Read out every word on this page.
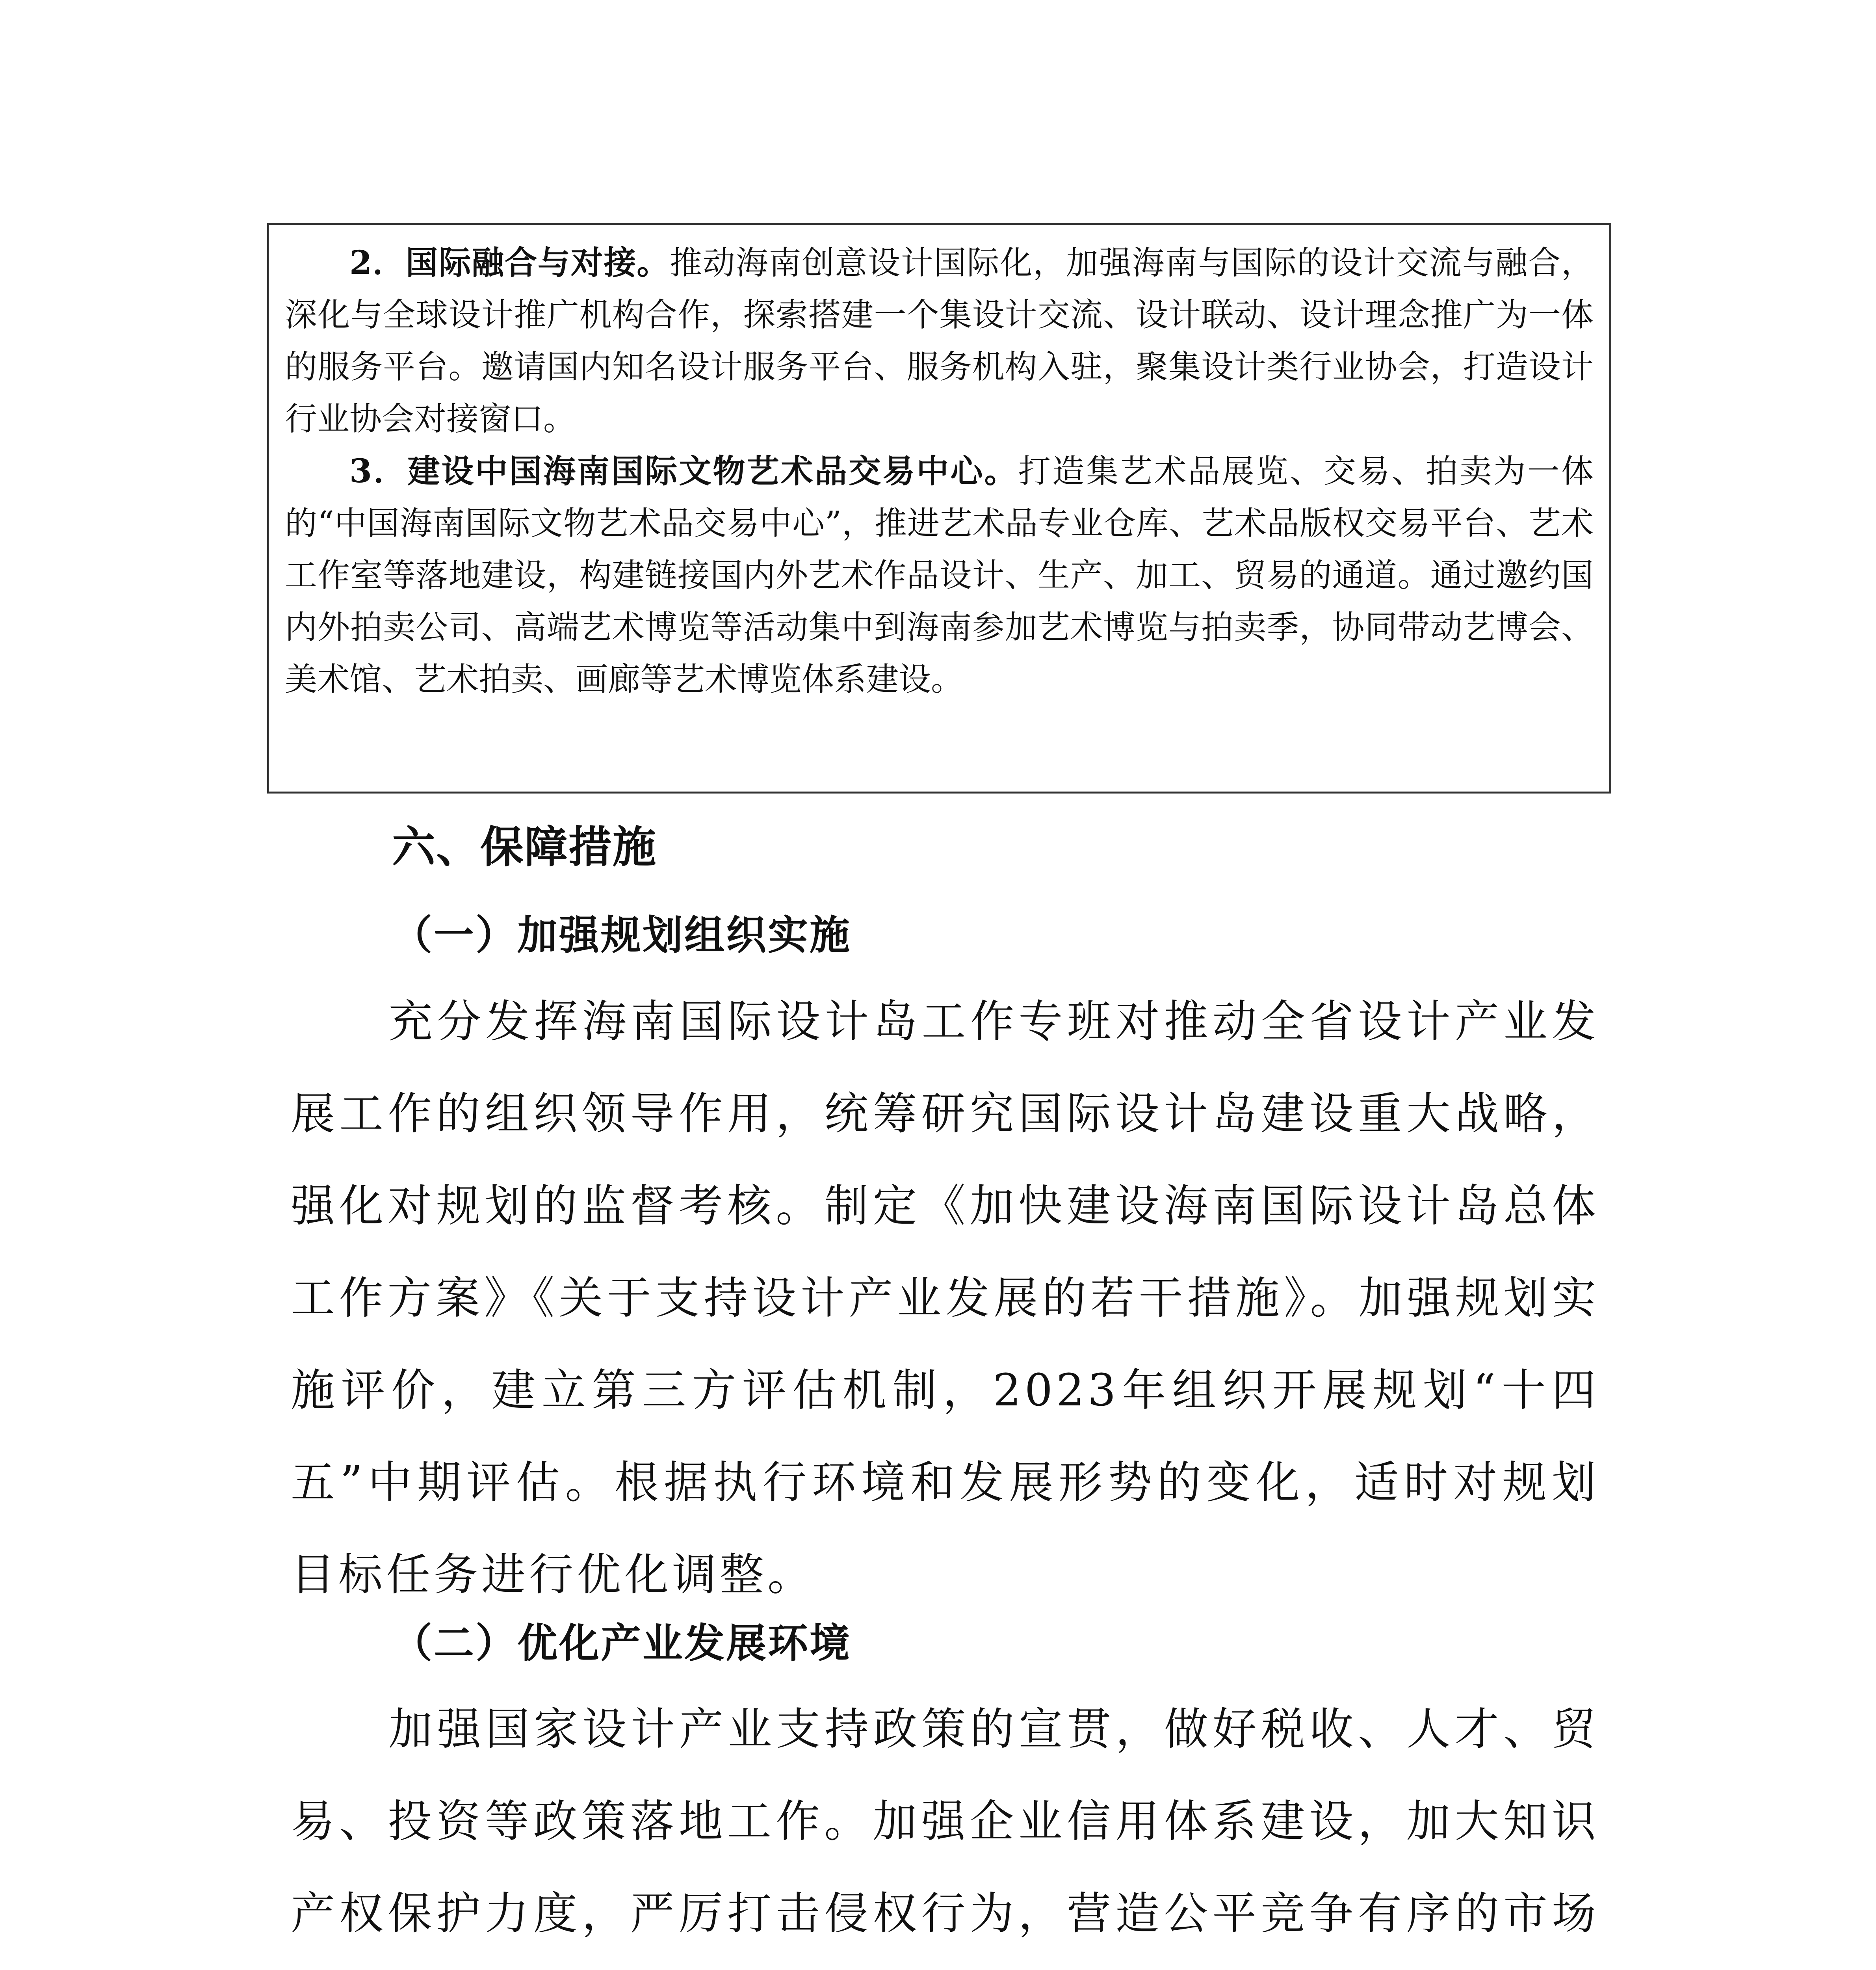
2．国际融合与对接。推动海南创意设计国际化，加强海南与国际的设计交流与融合，深化与全球设计推广机构合作，探索搭建一个集设计交流、设计联动、设计理念推广为一体的服务平台。邀请国内知名设计服务平台、服务机构入驻，聚集设计类行业协会，打造设计行业协会对接窗口。

3．建设中国海南国际文物艺术品交易中心。打造集艺术品展览、交易、拍卖为一体的“中国海南国际文物艺术品交易中心”，推进艺术品专业仓库、艺术品版权交易平台、艺术工作室等落地建设，构建链接国内外艺术作品设计、生产、加工、贸易的通道。通过邀约国内外拍卖公司、高端艺术博览等活动集中到海南参加艺术博览与拍卖季，协同带动艺博会、美术馆、艺术拍卖、画廊等艺术博览体系建设。

六、保障措施
（一）加强规划组织实施

充分发挥海南国际设计岛工作专班对推动全省设计产业发展工作的组织领导作用，统筹研究国际设计岛建设重大战略，强化对规划的监督考核。制定《加快建设海南国际设计岛总体工作方案》《关于支持设计产业发展的若干措施》。加强规划实施评价，建立第三方评估机制，2023年组织开展规划“十四五”中期评估。根据执行环境和发展形势的变化，适时对规划目标任务进行优化调整。

（二）优化产业发展环境

加强国家设计产业支持政策的宣贯，做好税收、人才、贸易、投资等政策落地工作。加强企业信用体系建设，加大知识产权保护力度，严厉打击侵权行为，营造公平竞争有序的市场
